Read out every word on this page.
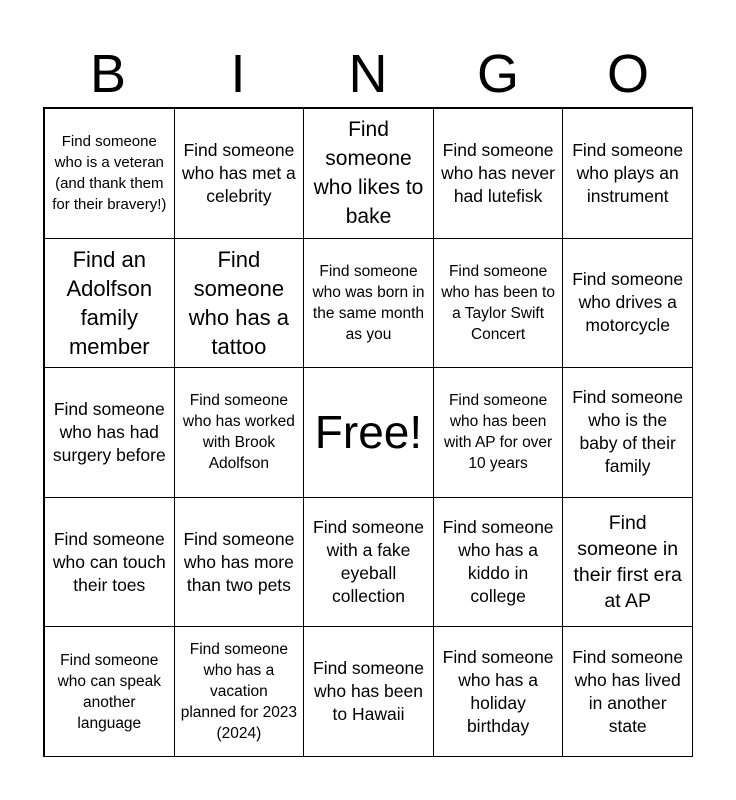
B	I	N	G	O
Find someone who is a veteran (and thank them for their bravery!)
Find someone who has met a celebrity
Find someone who likes to bake
Find someone who has never had lutefisk
Find someone who plays an instrument
Find an Adolfson family member
Find someone who has a tattoo
Find someone who was born in the same month as you
Find someone who has been to a Taylor Swift Concert
Find someone who drives a motorcycle
Find someone who has had surgery before
Find someone who has worked with Brook Adolfson
Free!
Find someone who has been with AP for over 10 years
Find someone who is the baby of their family
Find someone who can touch their toes
Find someone who has more than two pets
Find someone with a fake eyeball collection
Find someone who has a kiddo in college
Find someone in their first era at AP
Find someone who can speak another language
Find someone who has a vacation planned for 2023 (2024)
Find someone who has been to Hawaii
Find someone who has a holiday birthday
Find someone who has lived in another state
